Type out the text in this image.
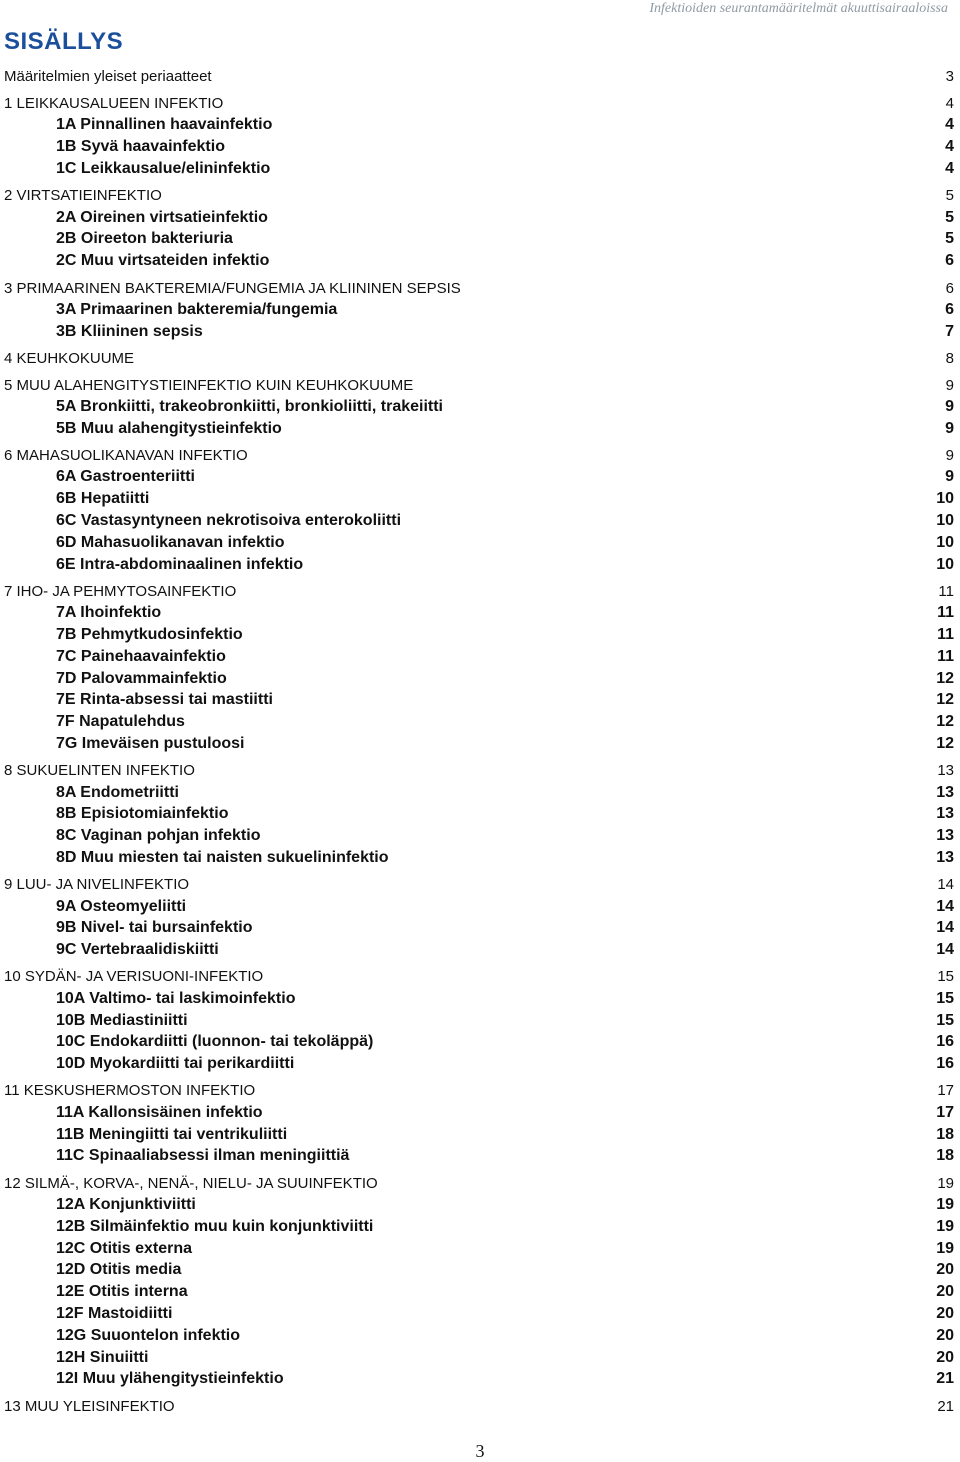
Infektioiden seurantamääritelmät akuuttisairaaloissa
SISÄLLYS
Määritelmien yleiset periaatteet	3
1 LEIKKAUSALUEEN INFEKTIO	4
1A Pinnallinen haavainfektio	4
1B Syvä haavainfektio	4
1C Leikkausalue/elininfektio	4
2 VIRTSATIEINFEKTIO	5
2A Oireinen virtsatieinfektio	5
2B Oireeton bakteriuria	5
2C Muu virtsateiden infektio	6
3 PRIMAARINEN BAKTEREMIA/FUNGEMIA JA KLIININEN SEPSIS	6
3A Primaarinen bakteremia/fungemia	6
3B Kliininen sepsis	7
4 KEUHKOKUUME	8
5 MUU ALAHENGITYSTIEINFEKTIO KUIN KEUHKOKUUME	9
5A Bronkiitti, trakeobronkiitti, bronkioliitti, trakeiitti	9
5B Muu alahengitystieinfektio	9
6 MAHASUOLIKANAVAN INFEKTIO	9
6A Gastroenteriitti	9
6B Hepatiitti	10
6C Vastasyntyneen nekrotisoiva enterokoliitti	10
6D Mahasuolikanavan infektio	10
6E Intra-abdominaalinen infektio	10
7 IHO- JA PEHMYTOSAINFEKTIO	11
7A Ihoinfektio	11
7B Pehmytkudosinfektio	11
7C Painehaavainfektio	11
7D Palovammainfektio	12
7E Rinta-absessi tai mastiitti	12
7F Napatulehdus	12
7G Imeväisen pustuloosi	12
8 SUKUELINTEN INFEKTIO	13
8A Endometriitti	13
8B Episiotomiainfektio	13
8C Vaginan pohjan infektio	13
8D Muu miesten tai naisten sukuelininfektio	13
9 LUU- JA NIVELINFEKTIO	14
9A Osteomyeliitti	14
9B Nivel- tai bursainfektio	14
9C Vertebraalidiskiitti	14
10 SYDÄN- JA VERISUONI-INFEKTIO	15
10A Valtimo- tai laskimoinfektio	15
10B Mediastiniitti	15
10C Endokardiitti (luonnon- tai tekoläppä)	16
10D Myokardiitti tai perikardiitti	16
11 KESKUSHERMOSTON INFEKTIO	17
11A Kallonsisäinen infektio	17
11B Meningiitti tai ventrikuliitti	18
11C Spinaaliabsessi ilman meningiittiä	18
12 SILMÄ-, KORVA-, NENÄ-, NIELU- JA SUUINFEKTIO	19
12A Konjunktiviitti	19
12B Silmäinfektio muu kuin konjunktiviitti	19
12C Otitis externa	19
12D Otitis media	20
12E Otitis interna	20
12F Mastoidiitti	20
12G Suuontelon infektio	20
12H Sinuiitti	20
12I Muu ylähengitystieinfektio	21
13 MUU YLEISINFEKTIO	21
3
